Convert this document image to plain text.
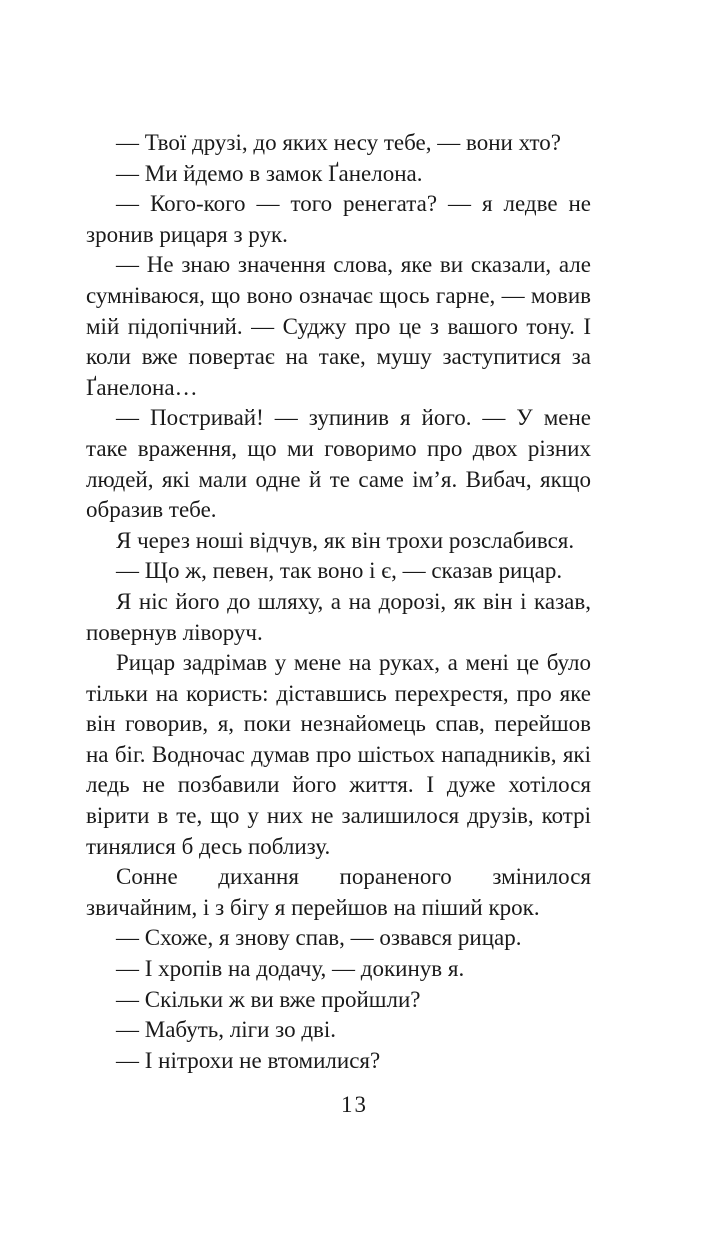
— Твої друзі, до яких несу тебе, — вони хто?

— Ми йдемо в замок Ґанелона.

— Кого-кого — того ренегата? — я ледве не зронив рицаря з рук.

— Не знаю значення слова, яке ви сказали, але сумніваюся, що воно означає щось гарне, — мовив мій підопічний. — Суджу про це з вашого тону. І коли вже повертає на таке, мушу заступитися за Ґанелона…

— Постривай! — зупинив я його. — У мене таке враження, що ми говоримо про двох різних людей, які мали одне й те саме ім’я. Вибач, якщо образив тебе.

Я через ноші відчув, як він трохи розслабився.

— Що ж, певен, так воно і є, — сказав рицар.

Я ніс його до шляху, а на дорозі, як він і казав, повернув ліворуч.

Рицар задрімав у мене на руках, а мені це було тільки на користь: діставшись перехрестя, про яке він говорив, я, поки незнайомець спав, перейшов на біг. Водночас думав про шістьох нападників, які ледь не позбавили його життя. І дуже хотілося вірити в те, що у них не залишилося друзів, котрі тинялися б десь поблизу.

Сонне дихання пораненого змінилося звичайним, і з бігу я перейшов на піший крок.

— Схоже, я знову спав, — озвався рицар.

— І хропів на додачу, — докинув я.

— Скільки ж ви вже пройшли?

— Мабуть, ліги зо дві.

— І нітрохи не втомилися?

13
